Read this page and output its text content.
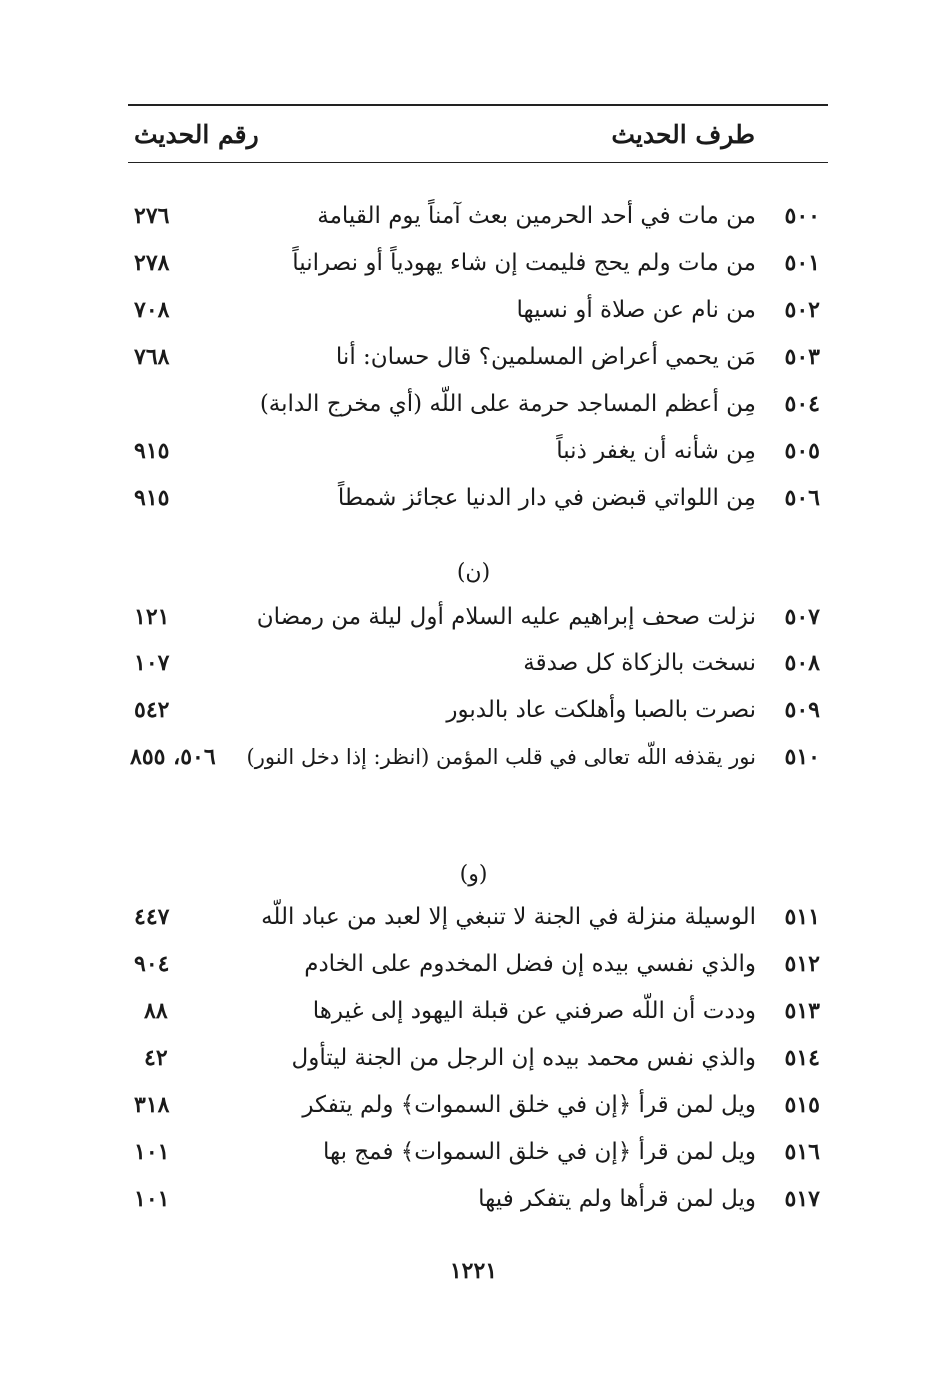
طرف الحديث
رقم الحديث
٥٠٠
من مات في أحد الحرمين بعث آمناً يوم القيامة
٢٧٦
٥٠١
من مات ولم يحج فليمت إن شاء يهودياً أو نصرانياً
٢٧٨
٥٠٢
من نام عن صلاة أو نسيها
٧٠٨
٥٠٣
مَن يحمي أعراض المسلمين؟ قال حسان: أنا
٧٦٨
٥٠٤
مِن أعظم المساجد حرمة على اللّه (أي مخرج الدابة)
٥٠٥
مِن شأنه أن يغفر ذنباً
٩١٥
٥٠٦
مِن اللواتي قبضن في دار الدنيا عجائز شمطاً
٩١٥
(ن)
٥٠٧
نزلت صحف إبراهيم عليه السلام أول ليلة من رمضان
١٢١
٥٠٨
نسخت بالزكاة كل صدقة
١٠٧
٥٠٩
نصرت بالصبا وأهلكت عاد بالدبور
٥٤٢
٥١٠
نور يقذفه اللّه تعالى في قلب المؤمن (انظر: إذا دخل النور)
٥٠٦، ٨٥٥
(و)
٥١١
الوسيلة منزلة في الجنة لا تنبغي إلا لعبد من عباد اللّه
٤٤٧
٥١٢
والذي نفسي بيده إن فضل المخدوم على الخادم
٩٠٤
٥١٣
وددت أن اللّه صرفني عن قبلة اليهود إلى غيرها
٨٨
٥١٤
والذي نفس محمد بيده إن الرجل من الجنة ليتأول
٤٢
٥١٥
ويل لمن قرأ ﴿إن في خلق السموات﴾ ولم يتفكر
٣١٨
٥١٦
ويل لمن قرأ ﴿إن في خلق السموات﴾ فمج بها
١٠١
٥١٧
ويل لمن قرأها ولم يتفكر فيها
١٠١
١٢٢١
